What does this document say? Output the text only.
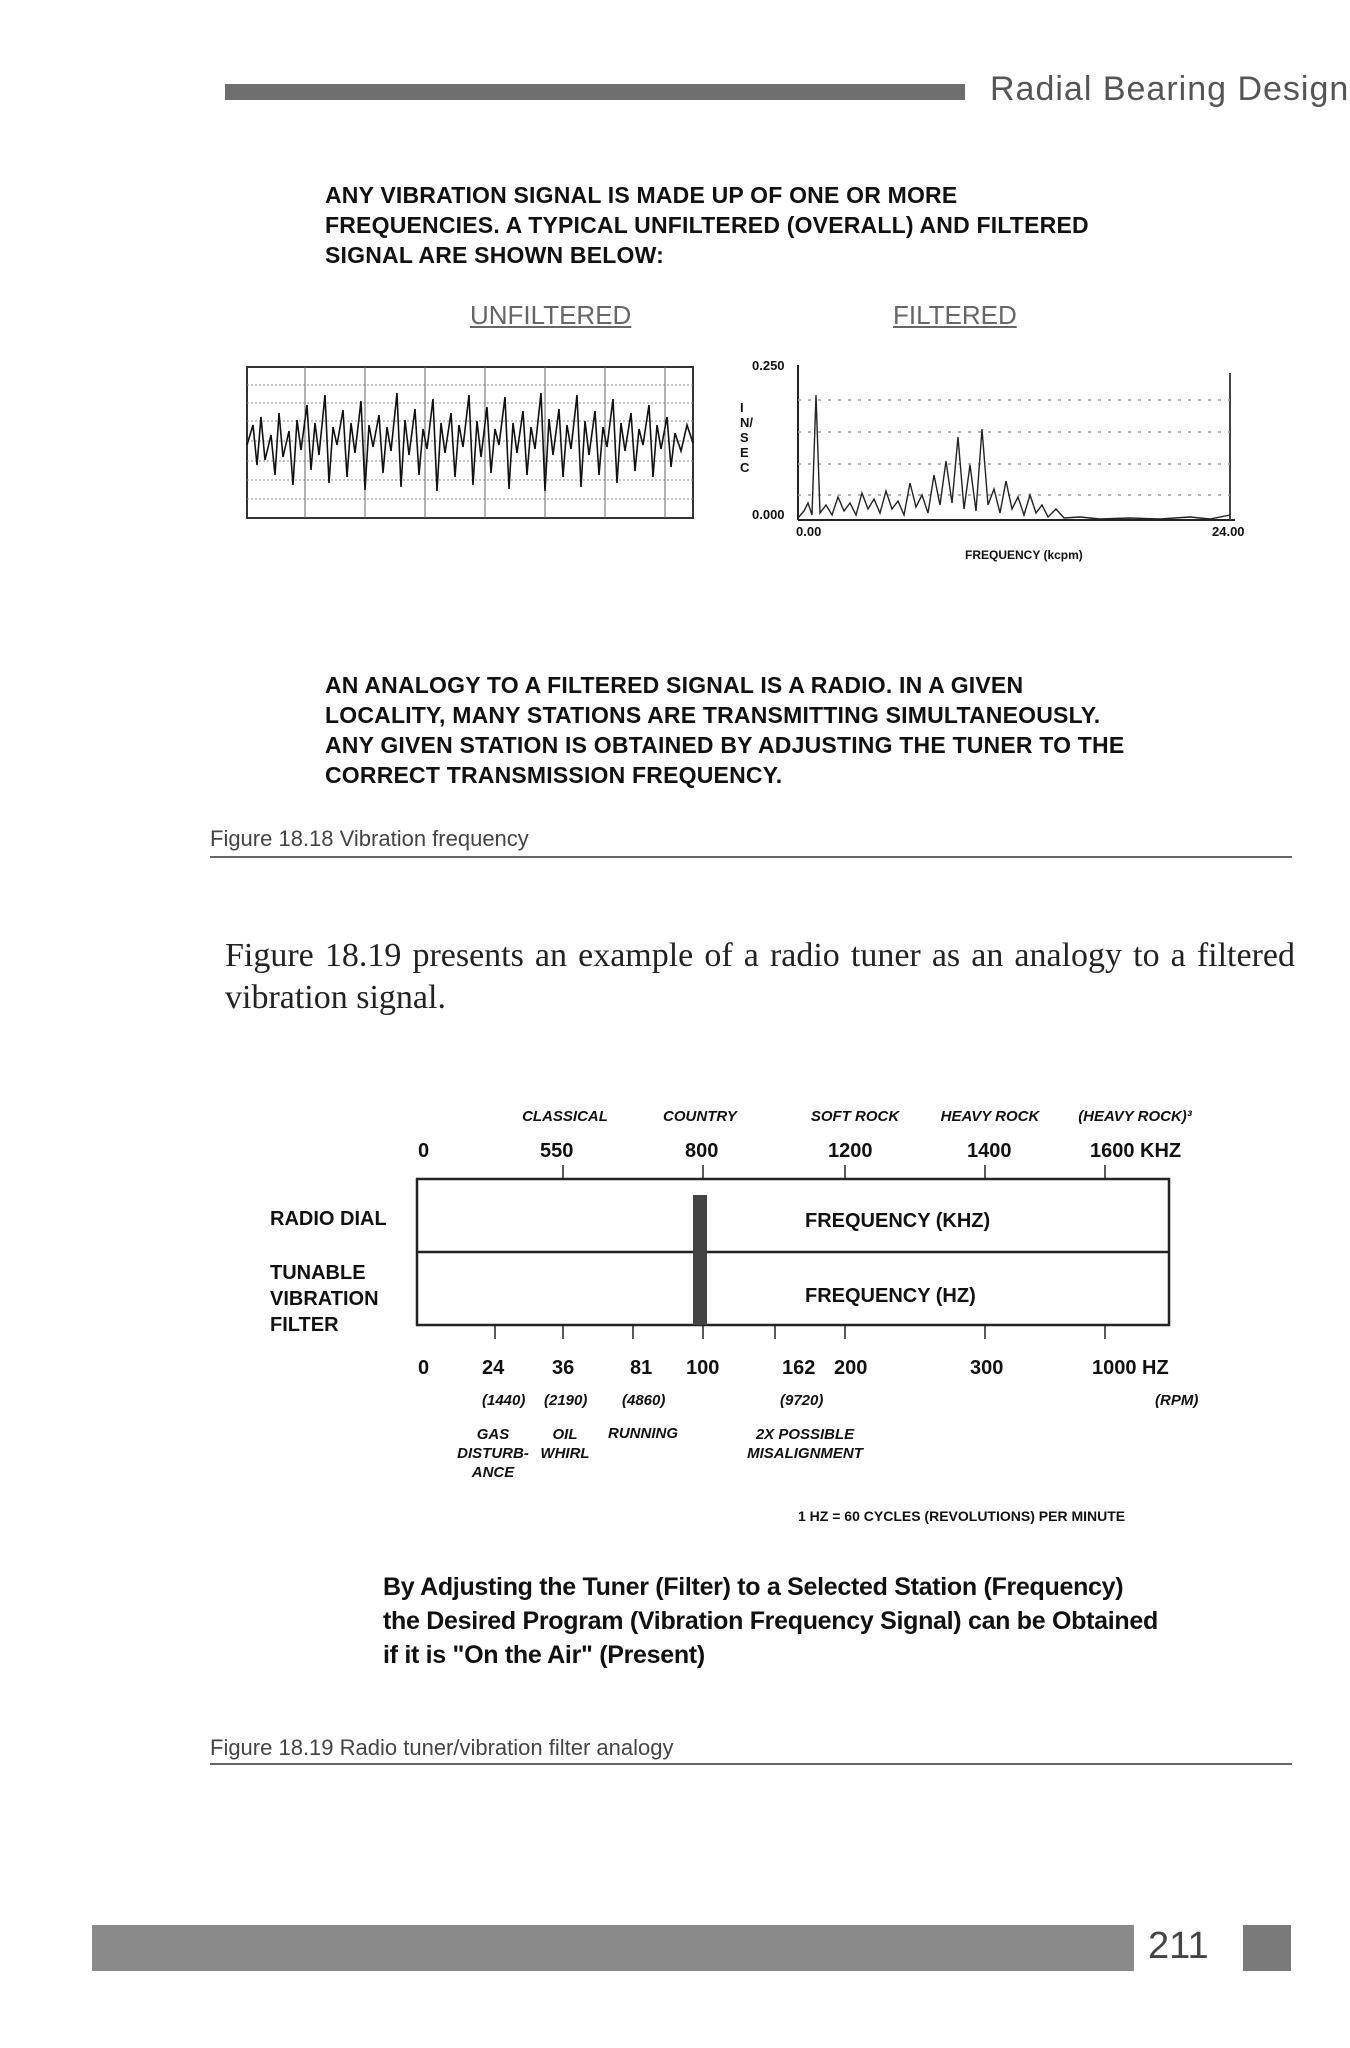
Radial Bearing Design
ANY VIBRATION SIGNAL IS MADE UP OF ONE OR MORE
FREQUENCIES. A TYPICAL UNFILTERED (OVERALL) AND FILTERED
SIGNAL ARE SHOWN BELOW:
UNFILTERED	FILTERED
0.250
0.000
IN/SEC
0.00
FREQUENCY (kcpm)
24.00
AN ANALOGY TO A FILTERED SIGNAL IS A RADIO. IN A GIVEN
LOCALITY, MANY STATIONS ARE TRANSMITTING SIMULTANEOUSLY.
ANY GIVEN STATION IS OBTAINED BY ADJUSTING THE TUNER TO THE
CORRECT TRANSMISSION FREQUENCY.
Figure 18.18 Vibration frequency
Figure 18.19 presents an example of a radio tuner as an analogy to a filtered vibration signal.
CLASSICAL	COUNTRY	SOFT ROCK	HEAVY ROCK	(HEAVY ROCK)³
0	550	800	1200	1400	1600 KHZ
RADIO DIAL
TUNABLE
VIBRATION
FILTER
FREQUENCY (KHZ)
FREQUENCY (HZ)
0	24 36	81 100	162 200	300	1000 HZ
(1440) (2190) (4860)	(9720)	(RPM)
GAS
DISTURB-
ANCE
OIL
WHIRL
RUNNING	2X POSSIBLE
MISALIGNMENT
1 HZ = 60 CYCLES (REVOLUTIONS) PER MINUTE
By Adjusting the Tuner (Filter) to a Selected Station (Frequency)
the Desired Program (Vibration Frequency Signal) can be Obtained
if it is "On the Air" (Present)
Figure 18.19 Radio tuner/vibration filter analogy
211
